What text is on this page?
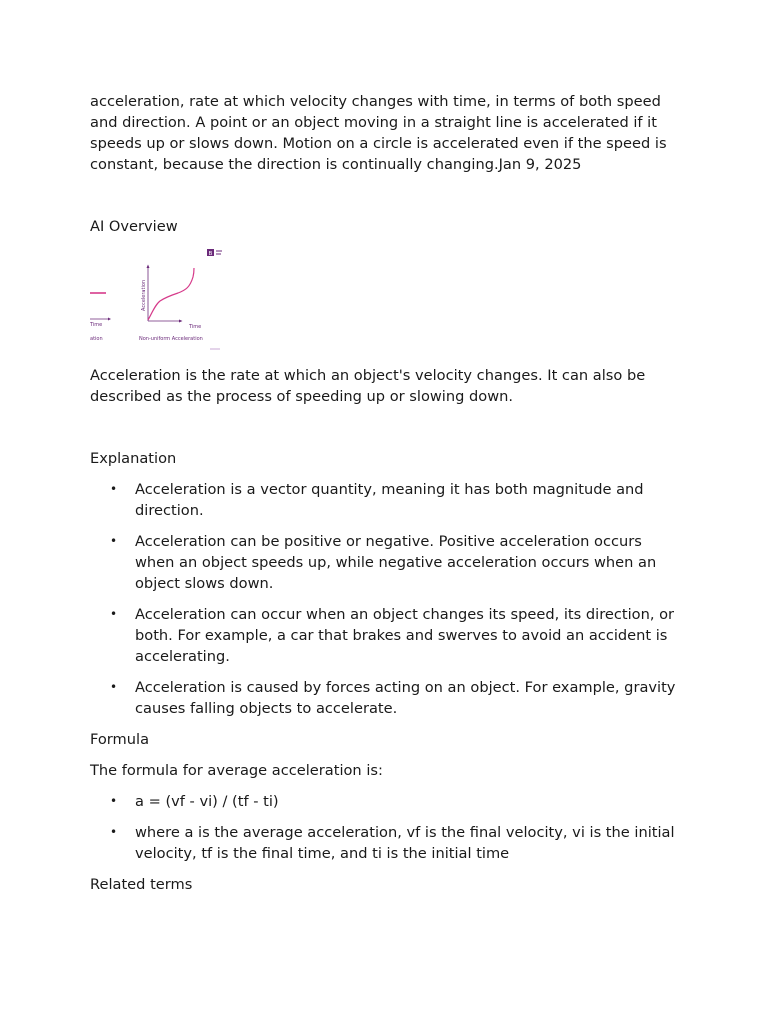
acceleration, rate at which velocity changes with time, in terms of both speed and direction. A point or an object moving in a straight line is accelerated if it speeds up or slows down. Motion on a circle is accelerated even if the speed is constant, because the direction is continually changing.Jan 9, 2025

AI Overview

Time
ation
Acceleration
Time
Non-uniform Acceleration
B

Acceleration is the rate at which an object's velocity changes. It can also be described as the process of speeding up or slowing down.

Explanation

• Acceleration is a vector quantity, meaning it has both magnitude and direction.
• Acceleration can be positive or negative. Positive acceleration occurs when an object speeds up, while negative acceleration occurs when an object slows down.
• Acceleration can occur when an object changes its speed, its direction, or both. For example, a car that brakes and swerves to avoid an accident is accelerating.
• Acceleration is caused by forces acting on an object. For example, gravity causes falling objects to accelerate.

Formula

The formula for average acceleration is:

• a = (vf - vi) / (tf - ti)
• where a is the average acceleration, vf is the final velocity, vi is the initial velocity, tf is the final time, and ti is the initial time

Related terms
